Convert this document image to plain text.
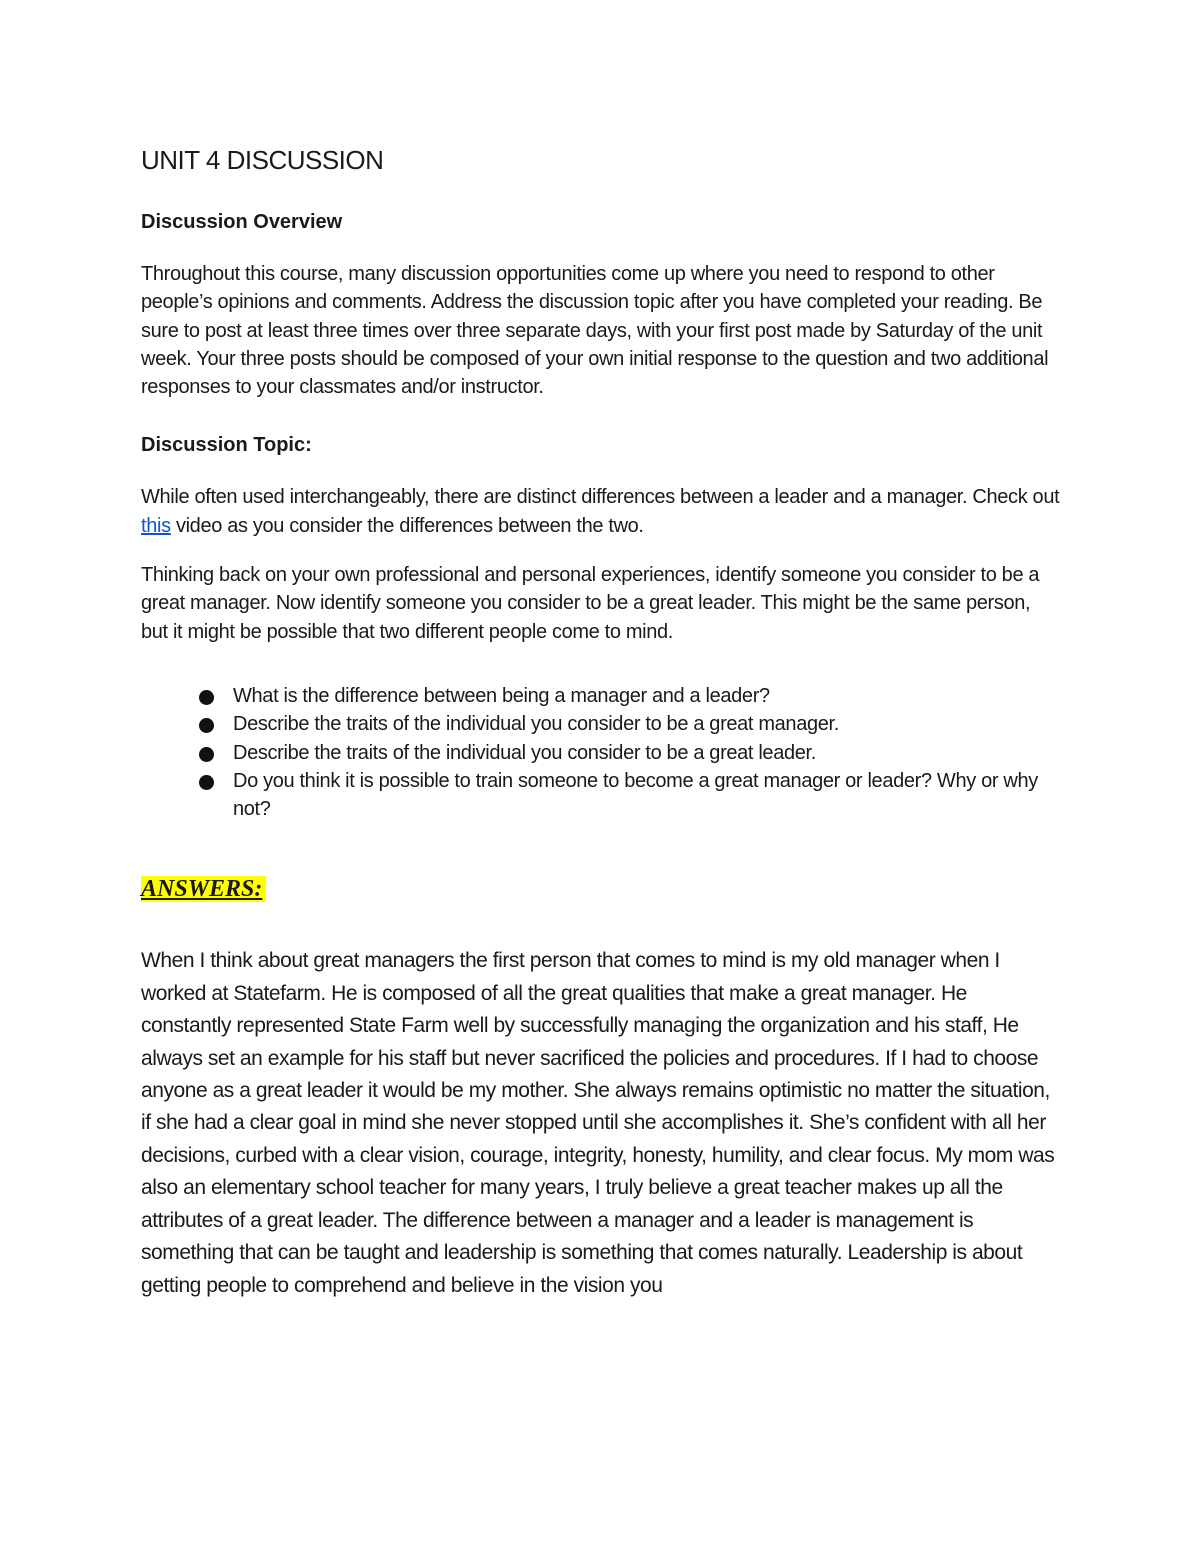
UNIT 4 DISCUSSION
Discussion Overview

Throughout this course, many discussion opportunities come up where you need to respond to other people’s opinions and comments. Address the discussion topic after you have completed your reading. Be sure to post at least three times over three separate days, with your first post made by Saturday of the unit week. Your three posts should be composed of your own initial response to the question and two additional responses to your classmates and/or instructor.

Discussion Topic:

While often used interchangeably, there are distinct differences between a leader and a manager. Check out this video as you consider the differences between the two.

Thinking back on your own professional and personal experiences, identify someone you consider to be a great manager. Now identify someone you consider to be a great leader. This might be the same person, but it might be possible that two different people come to mind.

What is the difference between being a manager and a leader?
Describe the traits of the individual you consider to be a great manager.
Describe the traits of the individual you consider to be a great leader.
Do you think it is possible to train someone to become a great manager or leader? Why or why not?
ANSWERS:

When I think about great managers the first person that comes to mind is my old manager when I worked at Statefarm. He is composed of all the great qualities that make a great manager. He constantly represented State Farm well by successfully managing the organization and his staff, He always set an example for his staff but never sacrificed the policies and procedures. If I had to choose anyone as a great leader it would be my mother. She always remains optimistic no matter the situation, if she had a clear goal in mind she never stopped until she accomplishes it. She’s confident with all her decisions, curbed with a clear vision, courage, integrity, honesty, humility, and clear focus. My mom was also an elementary school teacher for many years, I truly believe a great teacher makes up all the attributes of a great leader. The difference between a manager and a leader is management is something that can be taught and leadership is something that comes naturally. Leadership is about getting people to comprehend and believe in the vision you
